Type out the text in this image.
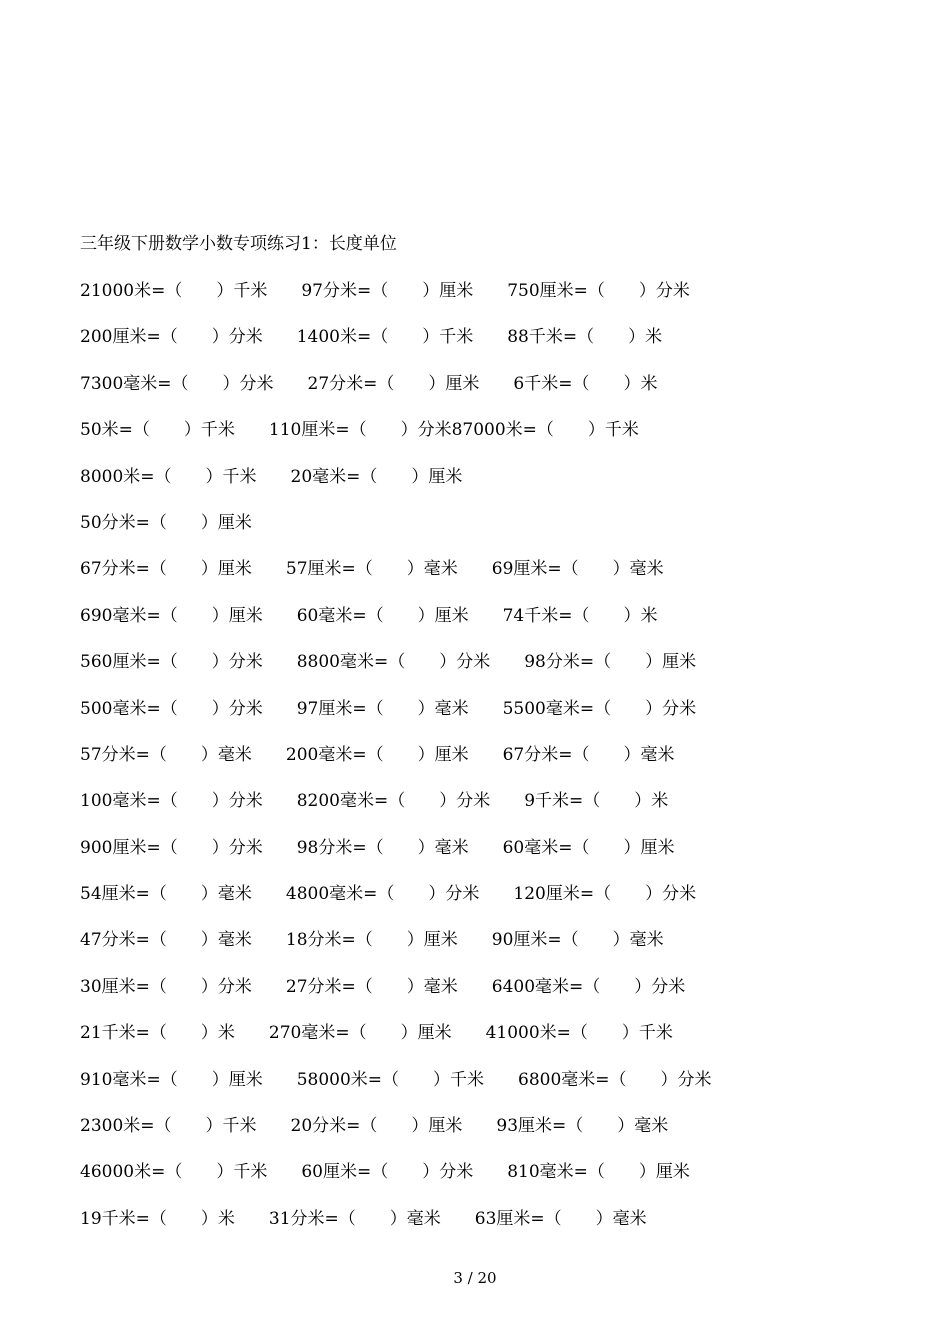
三年级下册数学小数专项练习1：长度单位
21000米=（　　）千米　　97分米=（　　）厘米　　750厘米=（　　）分米
200厘米=（　　）分米　　1400米=（　　）千米　　88千米=（　　）米
7300毫米=（　　）分米　　27分米=（　　）厘米　　6千米=（　　）米
50米=（　　）千米　　110厘米=（　　）分米87000米=（　　）千米
8000米=（　　）千米　　20毫米=（　　）厘米
50分米=（　　）厘米
67分米=（　　）厘米　　57厘米=（　　）毫米　　69厘米=（　　）毫米
690毫米=（　　）厘米　　60毫米=（　　）厘米　　74千米=（　　）米
560厘米=（　　）分米　　8800毫米=（　　）分米　　98分米=（　　）厘米
500毫米=（　　）分米　　97厘米=（　　）毫米　　5500毫米=（　　）分米
57分米=（　　）毫米　　200毫米=（　　）厘米　　67分米=（　　）毫米
100毫米=（　　）分米　　8200毫米=（　　）分米　　9千米=（　　）米
900厘米=（　　）分米　　98分米=（　　）毫米　　60毫米=（　　）厘米
54厘米=（　　）毫米　　4800毫米=（　　）分米　　120厘米=（　　）分米
47分米=（　　）毫米　　18分米=（　　）厘米　　90厘米=（　　）毫米
30厘米=（　　）分米　　27分米=（　　）毫米　　6400毫米=（　　）分米
21千米=（　　）米　　270毫米=（　　）厘米　　41000米=（　　）千米
910毫米=（　　）厘米　　58000米=（　　）千米　　6800毫米=（　　）分米
2300米=（　　）千米　　20分米=（　　）厘米　　93厘米=（　　）毫米
46000米=（　　）千米　　60厘米=（　　）分米　　810毫米=（　　）厘米
19千米=（　　）米　　31分米=（　　）毫米　　63厘米=（　　）毫米
3 / 20
